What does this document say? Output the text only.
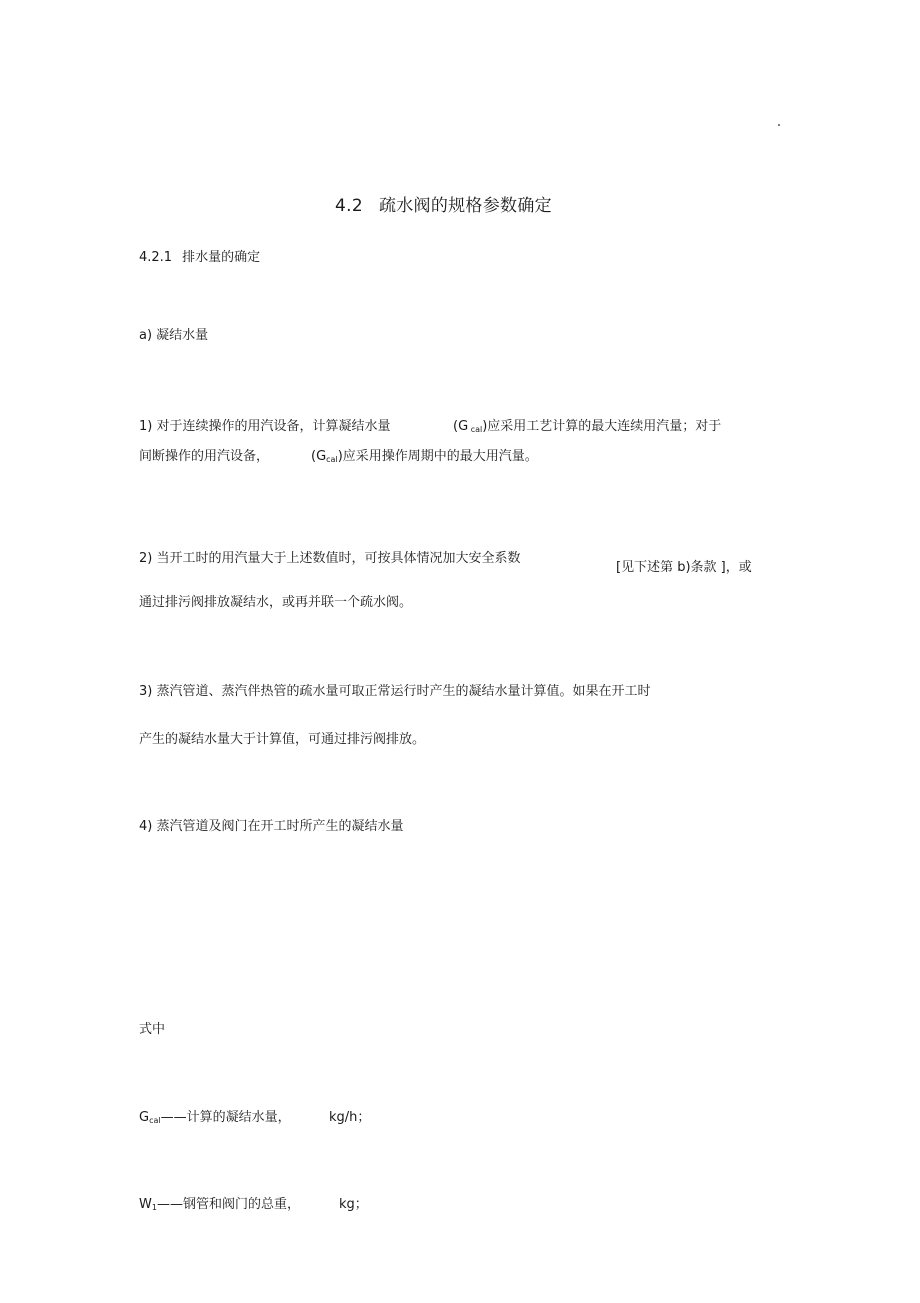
4.2 疏水阀的规格参数确定
4.2.1 排水量的确定
a) 凝结水量
1) 对于连续操作的用汽设备，计算凝结水量	(G cal)应采用工艺计算的最大连续用汽量；对于
间断操作的用汽设备，	(Gcal)应采用操作周期中的最大用汽量。
2) 当开工时的用汽量大于上述数值时，可按具体情况加大安全系数
[见下述第 b)条款 ]，或
通过排污阀排放凝结水，或再并联一个疏水阀。
3) 蒸汽管道、蒸汽伴热管的疏水量可取正常运行时产生的凝结水量计算值。如果在开工时
产生的凝结水量大于计算值，可通过排污阀排放。
4) 蒸汽管道及阀门在开工时所产生的凝结水量
式中
Gcal——计算的凝结水量，	kg/h；
W1——钢管和阀门的总重，	kg；
